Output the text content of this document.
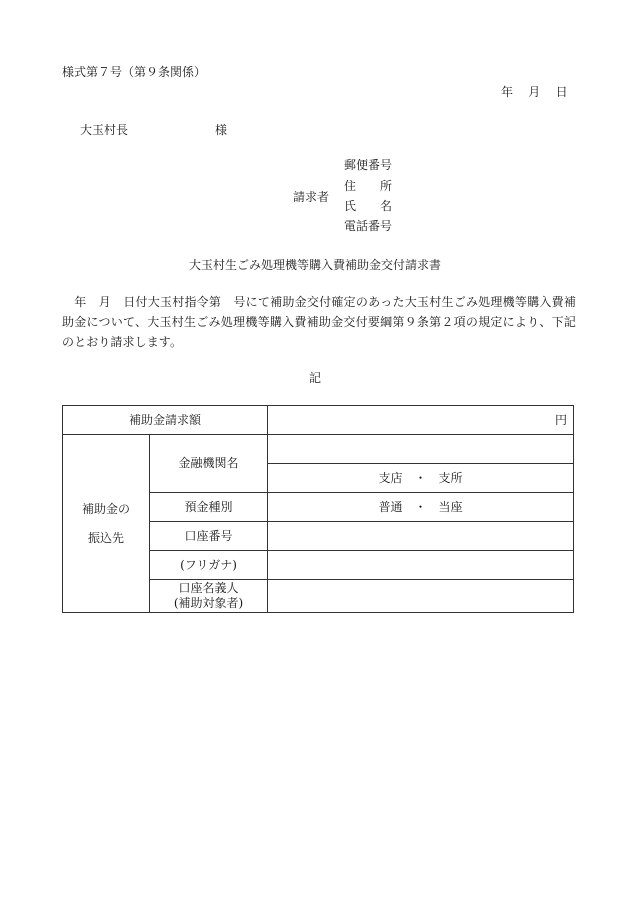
様式第７号（第９条関係）
年 月 日
大玉村長	様
請求者
郵便番号
住　　所
氏　　名
電話番号
大玉村生ごみ処理機等購入費補助金交付請求書
　年　月　日付大玉村指令第　号にて補助金交付確定のあった大玉村生ごみ処理機等購入費補助金について、大玉村生ごみ処理機等購入費補助金交付要綱第９条第２項の規定により、下記のとおり請求します。
記
補助金請求額		円

補助金の
振込先	金融機関名	
		支店 ・ 支所
	預金種別	普通 ・ 当座
	口座番号	
	(フリガナ)	

	口座名義人
(補助対象者)	
